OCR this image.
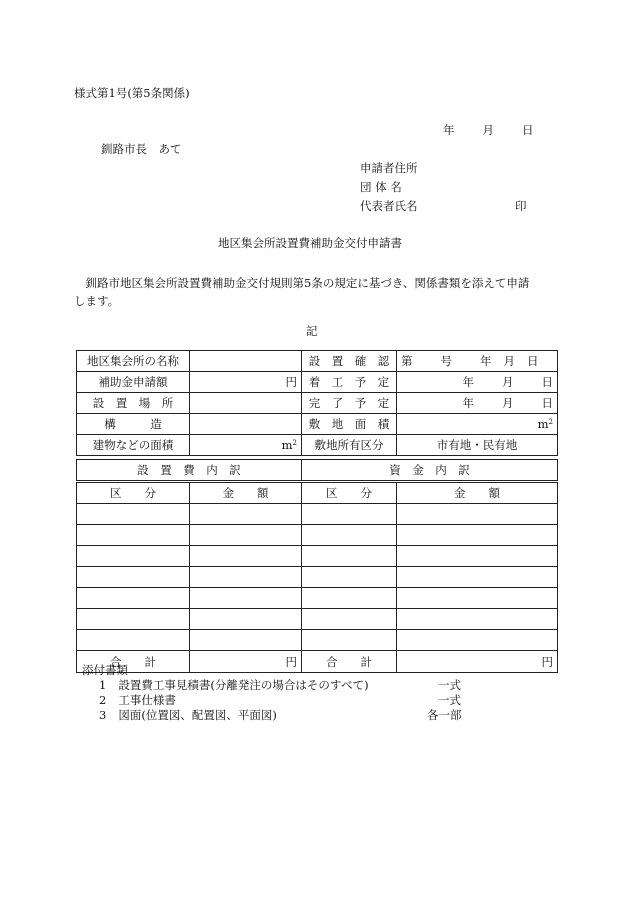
様式第1号(第5条関係)
年 月 日
釧路市長　あて
申請者住所
団 体 名
代表者氏名	印
地区集会所設置費補助金交付申請書
　釧路市地区集会所設置費補助金交付規則第5条の規定に基づき、関係書類を添えて申請
します。
記
地区集会所の名称		設　置　確　認	第 号 年 月 日
補助金申請額	円	着　工　予　定	年 月 日
設　置　場　所		完　了　予　定	年 月 日
構　　　造		敷　地　面　積	$m^2$
建物などの面積	$m^2$	敷地所有区分	市有地・民有地
設　置　費　内　訳		資　金　内　訳	
区　　分	金　　額	区　　分	金　　額

合　　計	円	合　　計	円
添付書類
1 設置費工事見積書(分離発注の場合はそのすべて)	一式
2 工事仕様書	一式
3 図面(位置図、配置図、平面図)	各一部
